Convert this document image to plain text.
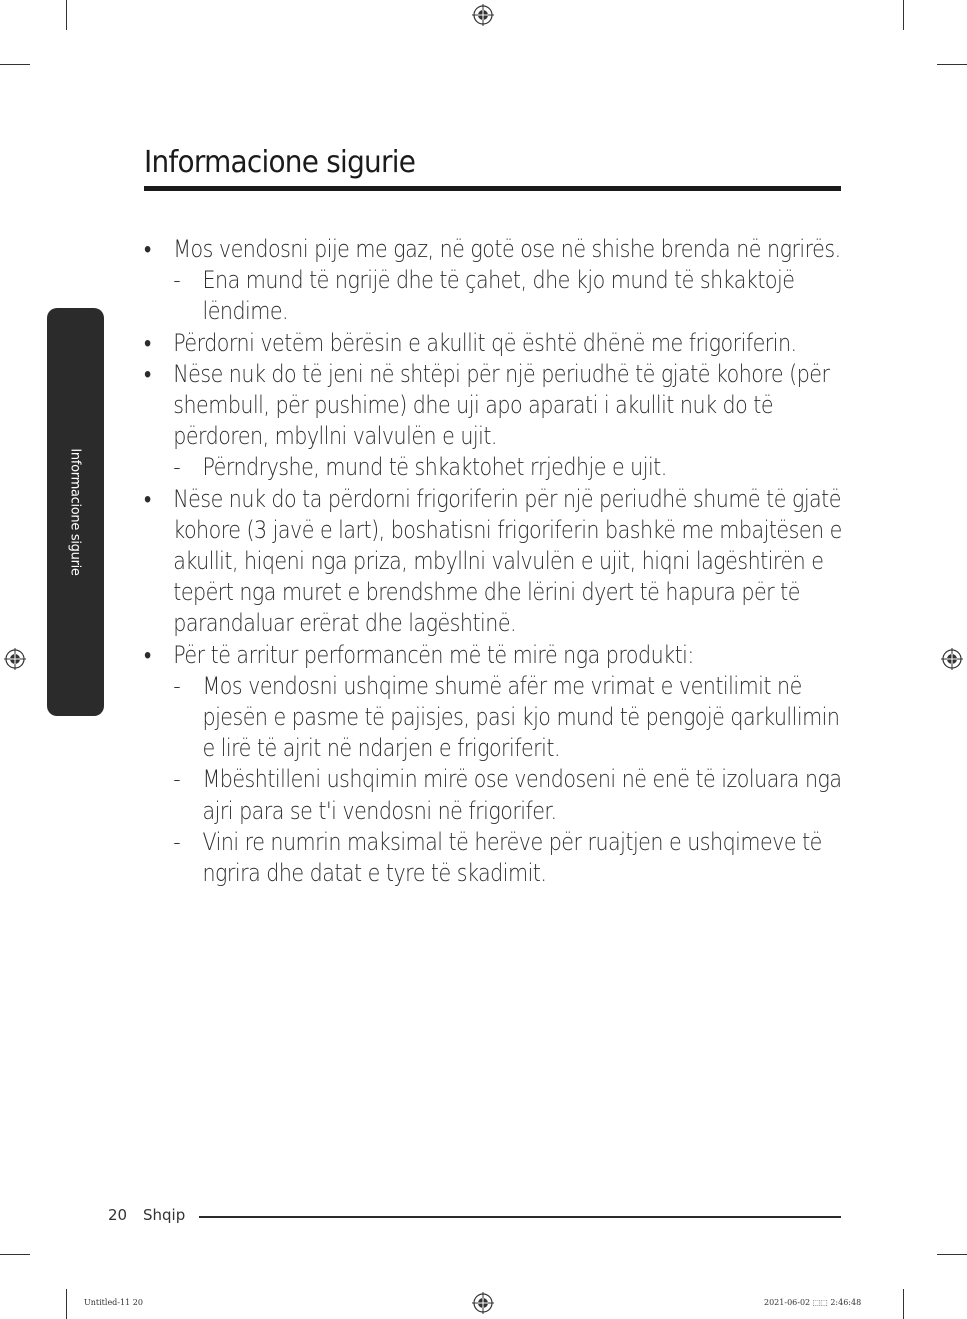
Informacione sigurie
Informacione sigurie
• Mos vendosni pije me gaz, në gotë ose në shishe brenda në ngrirës.
- Ena mund të ngrijë dhe të çahet, dhe kjo mund të shkaktojë lëndime.
• Përdorni vetëm bërësin e akullit që është dhënë me frigoriferin.
• Nëse nuk do të jeni në shtëpi për një periudhë të gjatë kohore (për shembull, për pushime) dhe uji apo aparati i akullit nuk do të përdoren, mbyllni valvulën e ujit.
- Përndryshe, mund të shkaktohet rrjedhje e ujit.
• Nëse nuk do ta përdorni frigoriferin për një periudhë shumë të gjatë kohore (3 javë e lart), boshatisni frigoriferin bashkë me mbajtësen e akullit, hiqeni nga priza, mbyllni valvulën e ujit, hiqni lagështirën e tepërt nga muret e brendshme dhe lërini dyert të hapura për të parandaluar erërat dhe lagështinë.
• Për të arritur performancën më të mirë nga produkti:
- Mos vendosni ushqime shumë afër me vrimat e ventilimit në pjesën e pasme të pajisjes, pasi kjo mund të pengojë qarkullimin e lirë të ajrit në ndarjen e frigoriferit.
- Mbështilleni ushqimin mirë ose vendoseni në enë të izoluara nga ajri para se t'i vendosni në frigorifer.
- Vini re numrin maksimal të herëve për ruajtjen e ushqimeve të ngrira dhe datat e tyre të skadimit.
20 Shqip
Untitled-11 20	2021-06-02 ⬚⬚ 2:46:48
